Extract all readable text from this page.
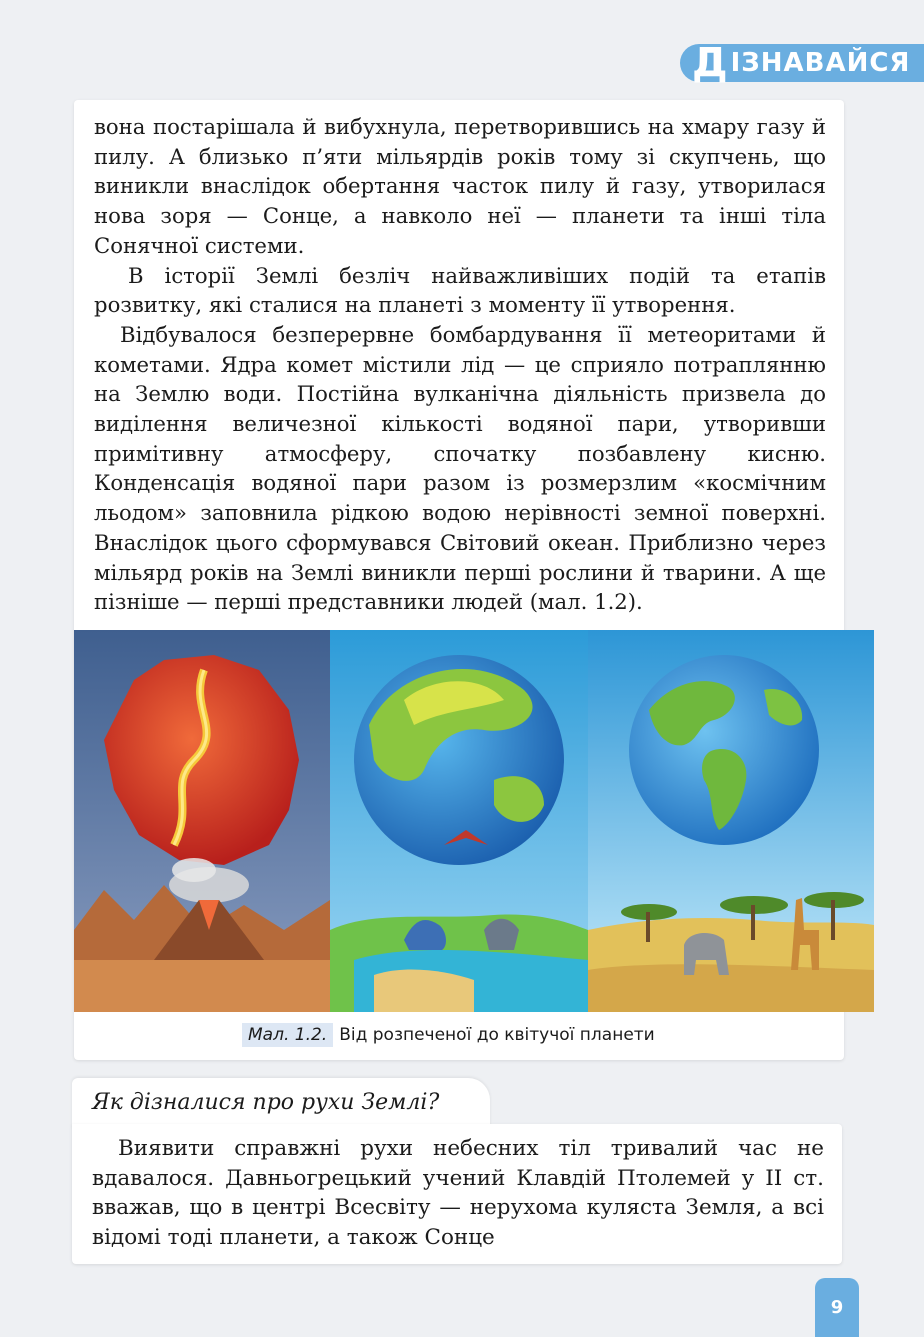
Д ІЗНАВАЙСЯ

вона постарішала й вибухнула, перетворившись на хмару газу й пилу. А близько п’яти мільярдів років тому зі скупчень, що виникли внаслідок обертання часток пилу й газу, утворилася нова зоря — Сонце, а навколо неї — планети та інші тіла Сонячної системи.

В історії Землі безліч найважливіших подій та етапів розвитку, які сталися на планеті з моменту її утворення.

Відбувалося безперервне бомбардування її метеоритами й кометами. Ядра комет містили лід — це сприяло потраплянню на Землю води. Постійна вулканічна діяльність призвела до виділення величезної кількості водяної пари, утворивши примітивну атмосферу, спочатку позбавлену кисню. Конденсація водяної пари разом із розмерзлим «космічним льодом» заповнила рідкою водою нерівності земної поверхні. Внаслідок цього сформувався Світовий океан. Приблизно через мільярд років на Землі виникли перші рослини й тварини. А ще пізніше — перші представники людей (мал. 1.2).

Мал. 1.2. Від розпеченої до квітучої планети
Як дізналися про рухи Землі?

Виявити справжні рухи небесних тіл тривалий час не вдавалося. Давньогрецький учений Клавдій Птолемей у ІІ ст. вважав, що в центрі Всесвіту — нерухома куляста Земля, а всі відомі тоді планети, а також Сонце

9
